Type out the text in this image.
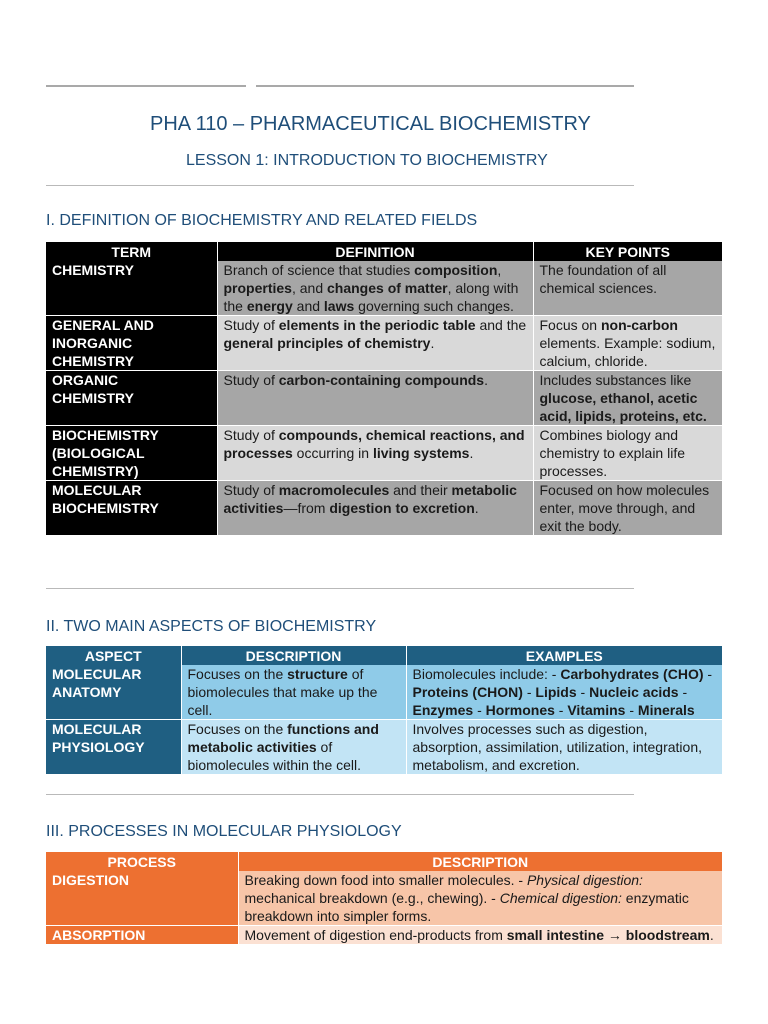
PHA 110 – PHARMACEUTICAL BIOCHEMISTRY
LESSON 1: INTRODUCTION TO BIOCHEMISTRY
I. DEFINITION OF BIOCHEMISTRY AND RELATED FIELDS
TERM	DEFINITION	KEY POINTS
CHEMISTRY	Branch of science that studies composition, properties, and changes of matter, along with the energy and laws governing such changes.	The foundation of all chemical sciences.
GENERAL AND
INORGANIC
CHEMISTRY	Study of elements in the periodic table and the general principles of chemistry.	Focus on non-carbon elements. Example: sodium, calcium, chloride.
ORGANIC
CHEMISTRY	Study of carbon-containing compounds.	Includes substances like glucose, ethanol, acetic acid, lipids, proteins, etc.
BIOCHEMISTRY
(BIOLOGICAL
CHEMISTRY)	Study of compounds, chemical reactions, and processes occurring in living systems.	Combines biology and chemistry to explain life processes.
MOLECULAR
BIOCHEMISTRY	Study of macromolecules and their metabolic activities—from digestion to excretion.	Focused on how molecules enter, move through, and exit the body.
II. TWO MAIN ASPECTS OF BIOCHEMISTRY
ASPECT	DESCRIPTION	EXAMPLES
MOLECULAR
ANATOMY	Focuses on the structure of biomolecules that make up the cell.	Biomolecules include: - Carbohydrates (CHO) - Proteins (CHON) - Lipids - Nucleic acids - Enzymes - Hormones - Vitamins - Minerals
MOLECULAR
PHYSIOLOGY	Focuses on the functions and metabolic activities of biomolecules within the cell.	Involves processes such as digestion, absorption, assimilation, utilization, integration, metabolism, and excretion.
III. PROCESSES IN MOLECULAR PHYSIOLOGY
PROCESS	DESCRIPTION
DIGESTION	Breaking down food into smaller molecules. - Physical digestion: mechanical breakdown (e.g., chewing). - Chemical digestion: enzymatic breakdown into simpler forms.
ABSORPTION	Movement of digestion end-products from small intestine → bloodstream.
